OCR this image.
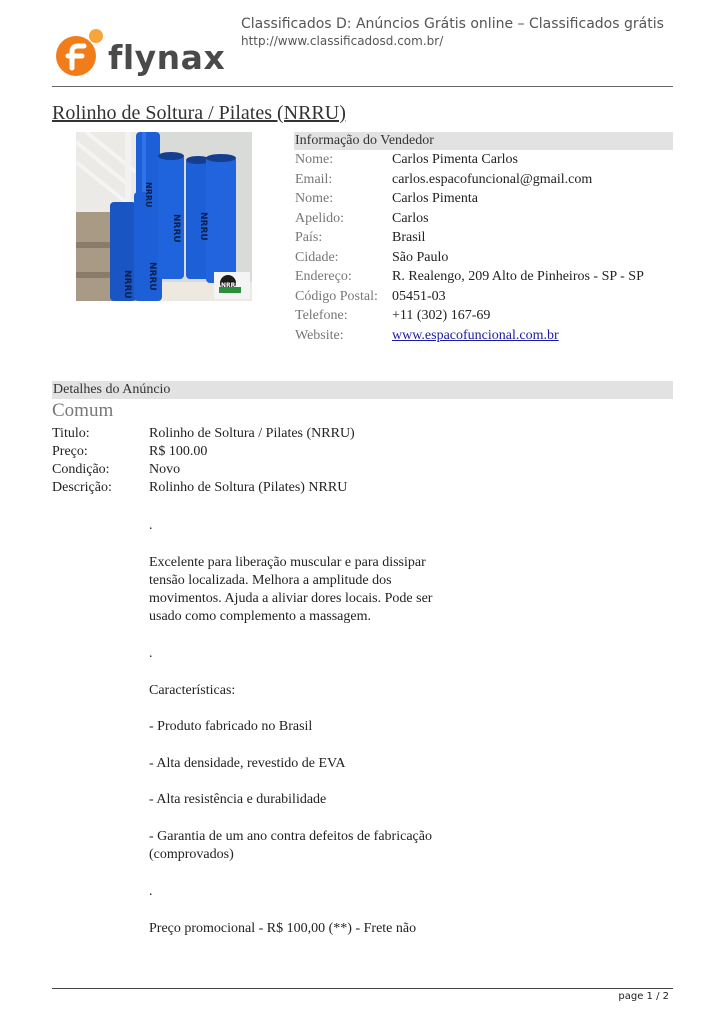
flynax
Classificados D: Anúncios Grátis online – Classificados grátis
http://www.classificadosd.com.br/
Rolinho de Soltura / Pilates (NRRU)
NRRU NRRU
NRRU
NRRU NRRU
NRRU
Informação do Vendedor
Nome:	Carlos Pimenta Carlos
Email:	carlos.espacofuncional@gmail.com
Nome:	Carlos Pimenta
Apelido:	Carlos
País:	Brasil
Cidade:	São Paulo
Endereço:	R. Realengo, 209 Alto de Pinheiros - SP - SP
Código Postal: 05451-03
Telefone:	+11 (302) 167-69
Website:	www.espacofuncional.com.br
Detalhes do Anúncio
Comum
Titulo:	Rolinho de Soltura / Pilates (NRRU)
Preço:	R$ 100.00
Condição:	Novo
Descrição:	Rolinho de Soltura (Pilates) NRRU

.

Excelente para liberação muscular e para dissipar tensão localizada. Melhora a amplitude dos movimentos. Ajuda a aliviar dores locais. Pode ser usado como complemento a massagem.

.

Características:

- Produto fabricado no Brasil

- Alta densidade, revestido de EVA

- Alta resistência e durabilidade

- Garantia de um ano contra defeitos de fabricação (comprovados)

.

Preço promocional - R$ 100,00 (**) - Frete não

page 1 / 2
